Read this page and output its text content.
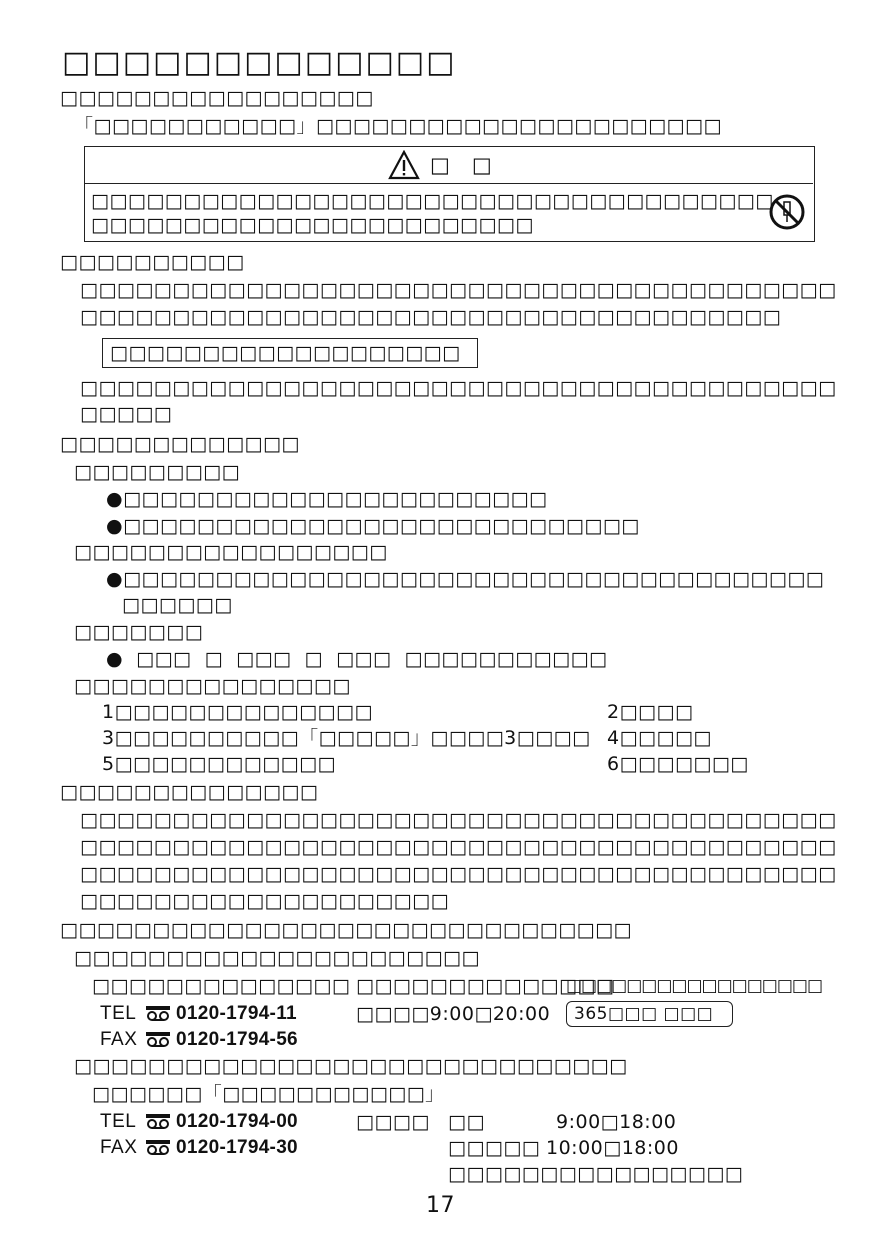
□□□□□□□□□□□□□
□□□□□□□□□□□□□□□□□
「□□□□□□□□□□□」□□□□□□□□□□□□□□□□□□□□□□
□　□
□□□□□□□□□□□□□□□□□□□□□□□□□□□□□□□□□□□□□
□□□□□□□□□□□□□□□□□□□□□□□□
□□□□□□□□□□
□□□□□□□□□□□□□□□□□□□□□□□□□□□□□□□□□□□□□□□□□
□□□□□□□□□□□□□□□□□□□□□□□□□□□□□□□□□□□□□□
□□□□□□□□□□□□□□□□□□□
□□□□□□□□□□□□□□□□□□□□□□□□□□□□□□□□□□□□□□□□□
□□□□□
□□□□□□□□□□□□□
□□□□□□□□□
●□□□□□□□□□□□□□□□□□□□□□□□
●□□□□□□□□□□□□□□□□□□□□□□□□□□□□
□□□□□□□□□□□□□□□□□
●□□□□□□□□□□□□□□□□□□□□□□□□□□□□□□□□□□□□□□
□□□□□□
□□□□□□□
●  □□□  □  □□□  □  □□□  □□□□□□□□□□□
□□□□□□□□□□□□□□□
1□□□□□□□□□□□□□□	2□□□□
3□□□□□□□□□□「□□□□□」□□□□3□□□□ 4□□□□□
5□□□□□□□□□□□□	6□□□□□□□
□□□□□□□□□□□□□□
□□□□□□□□□□□□□□□□□□□□□□□□□□□□□□□□□□□□□□□□□
□□□□□□□□□□□□□□□□□□□□□□□□□□□□□□□□□□□□□□□□□
□□□□□□□□□□□□□□□□□□□□□□□□□□□□□□□□□□□□□□□□□
□□□□□□□□□□□□□□□□□□□□
□□□□□□□□□□□□□□□□□□□□□□□□□□□□□□□
□□□□□□□□□□□□□□□□□□□□□□
□□□□□□□□□□□□□□ □□□□□□□□□□□□□□
□□□□□□□□□□□□□□□□□
TEL 0120-1794-11	□□□□9:00□20:00 365□□□ □□□
FAX 0120-1794-56
□□□□□□□□□□□□□□□□□□□□□□□□□□□□□□
□□□□□□「□□□□□□□□□□□」
TEL 0120-1794-00	□□□□ □□	9:00□18:00
FAX 0120-1794-30	□□□□□ 10:00□18:00
□□□□□□□□□□□□□□□□
17
